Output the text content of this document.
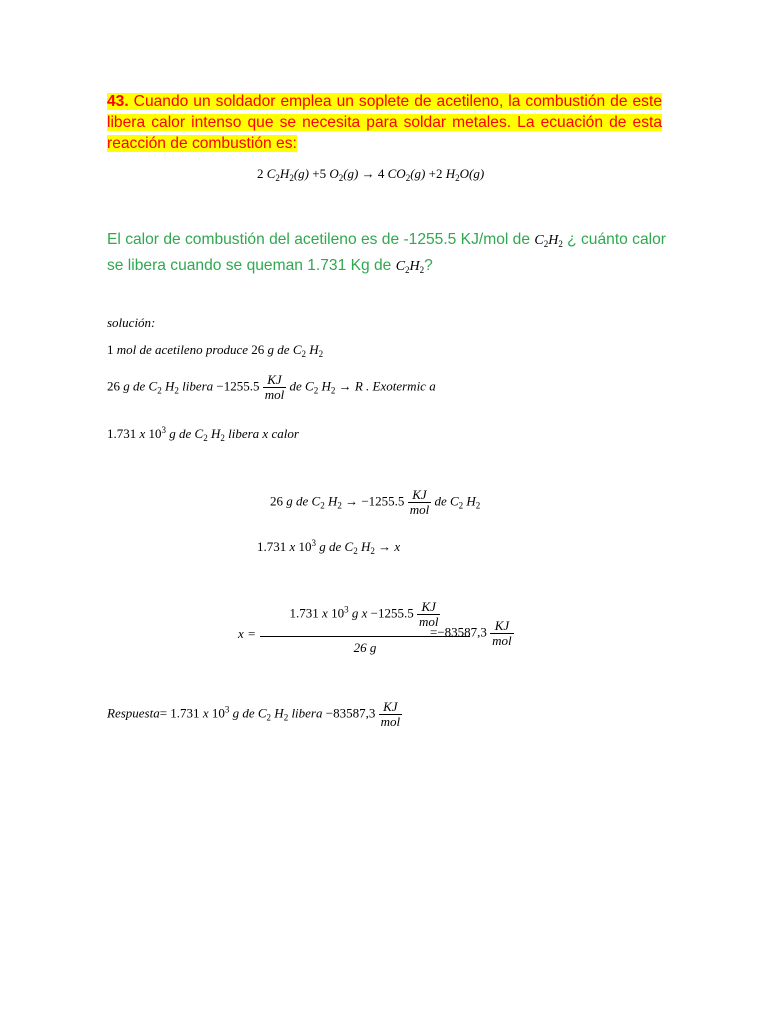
43. Cuando un soldador emplea un soplete de acetileno, la combustión de este libera calor intenso que se necesita para soldar metales. La ecuación de esta reacción de combustión es:
2 $C_2H_2(g) +5$ $O_2(g) \to 4$ $CO_2(g) +2$ $H_2O(g)$
El calor de combustión del acetileno es de -1255.5 KJ/mol de $C_2H_2$ ¿ cuánto calor se libera cuando se queman 1.731 Kg de $C_2H_2$?
solución:
1 mol de acetileno produce 26 g de $C_2$ $H_2$
26 g de $C_2$ $H_2$ libera $-1255.5 \frac{KJ}{\text{mol}}$ de $C_2$ $H_2 \to R$ . Exotermic a
1.731 x $10^3$ g de $C_2$ $H_2$ libera x calor
26 g de $C_2$ $H_2 \to -1255.5 \frac{KJ}{\text{mol}}$ de $C_2$ $H_2$
1.731 x $10^3$ g de $C_2$ $H_2 \to x$
x =
1.731 x $10^3$ g $x -1255.5 \frac{KJ}{\text{mol}}$
26 g
$=-83587,3 \frac{KJ}{\text{mol}}$
Respuesta= 1.731 x $10^3$ g de $C_2$ $H_2$ libera $-83587,3 \frac{KJ}{\text{mol}}$
